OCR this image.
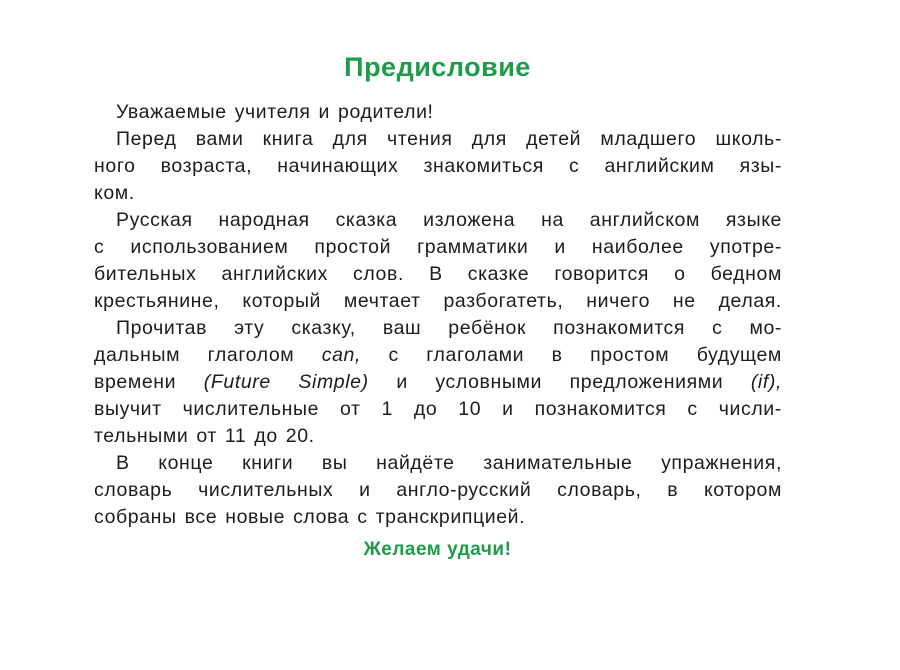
Предисловие
Уважаемые учителя и родители!
Перед вами книга для чтения для детей младшего школь-
ного возраста, начинающих знакомиться с английским язы-
ком.
Русская народная сказка изложена на английском языке
с использованием простой грамматики и наиболее употре-
бительных английских слов. В сказке говорится о бедном
крестьянине, который мечтает разбогатеть, ничего не делая.
Прочитав эту сказку, ваш ребёнок познакомится с мо-
дальным глаголом can, с глаголами в простом будущем
времени (Future Simple) и условными предложениями (if),
выучит числительные от 1 до 10 и познакомится с числи-
тельными от 11 до 20.
В конце книги вы найдёте занимательные упражнения,
словарь числительных и англо-русский словарь, в котором
собраны все новые слова с транскрипцией.
Желаем удачи!
